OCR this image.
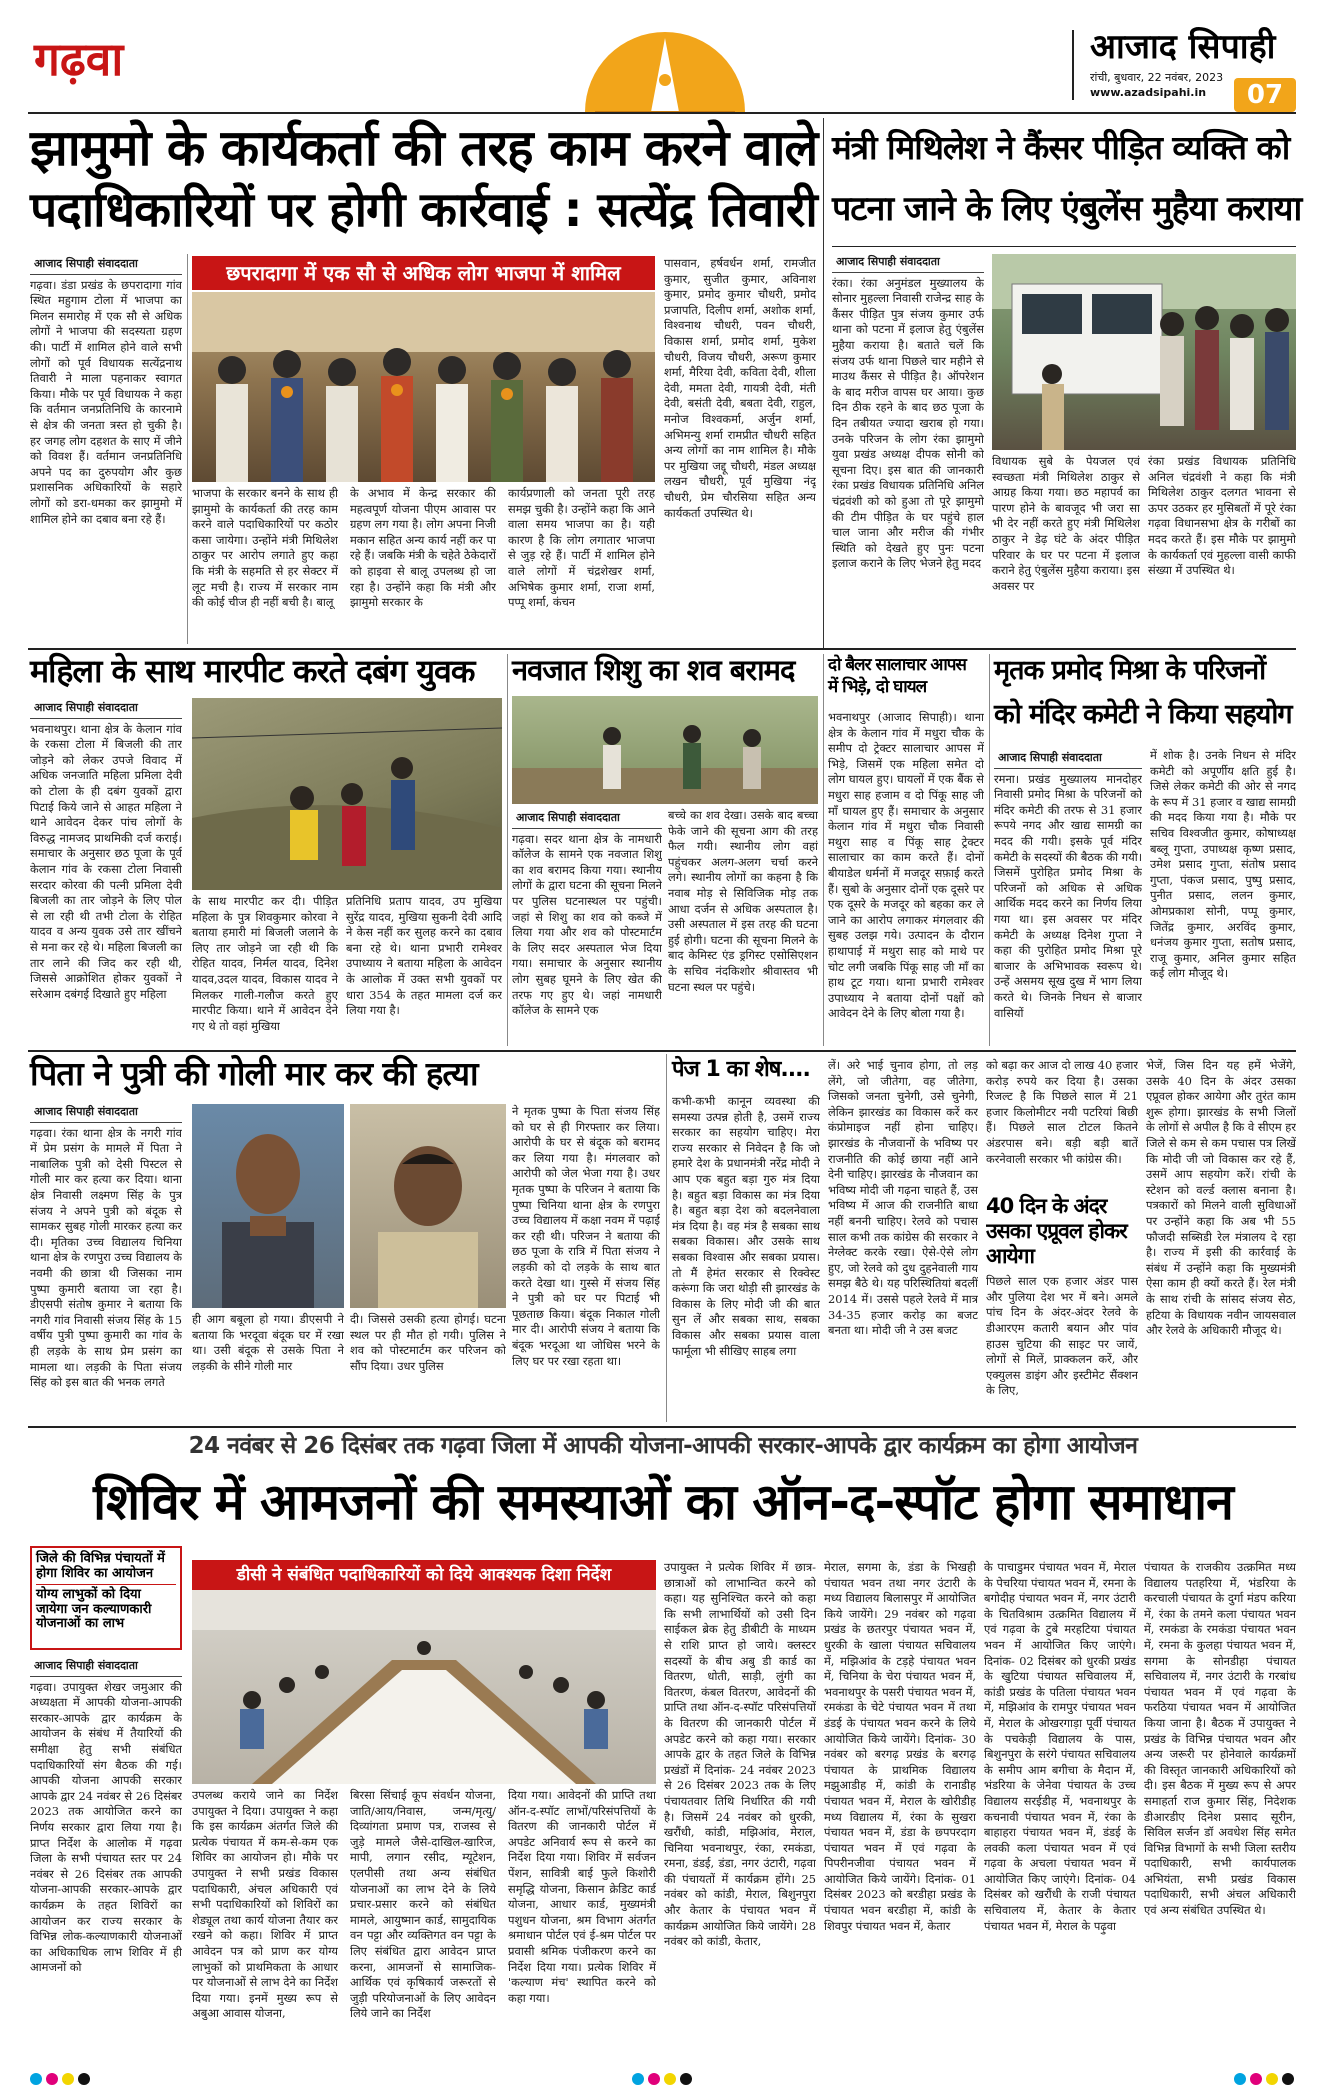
गढ़वा	आजाद सिपाही
रांची, बुधवार, 22 नवंबर, 2023
www.azadsipahi.in	07
झामुमो के कार्यकर्ता की तरह काम करने वाले
पदाधिकारियों पर होगी कार्रवाई : सत्येंद्र तिवारी
आजाद सिपाही संवाददाता
गढ़वा। डंडा प्रखंड के छपरादागा गांव स्थित महुगाम टोला में भाजपा का मिलन समारोह में एक सौ से अधिक लोगों ने भाजपा की सदस्यता ग्रहण की। पार्टी में शामिल होने वाले सभी लोगों को पूर्व विधायक सत्येंद्रनाथ तिवारी ने माला पहनाकर स्वागत किया। मौके पर पूर्व विधायक ने कहा कि वर्तमान जनप्रतिनिधि के कारनामे से क्षेत्र की जनता त्रस्त हो चुकी है। हर जगह लोग दहशत के साए में जीने को विवश हैं। वर्तमान जनप्रतिनिधि अपने पद का दुरुपयोग और कुछ प्रशासनिक अधिकारियों के सहारे लोगों को डरा-धमका कर झामुमो में शामिल होने का दबाव बना रहे हैं।
छपरादागा में एक सौ से अधिक लोग भाजपा में शामिल
भाजपा के सरकार बनने के साथ ही झामुमो के कार्यकर्ता की तरह काम करने वाले पदाधिकारियों पर कठोर कसा जायेगा। उन्होंने मंत्री मिथिलेश ठाकुर पर आरोप लगाते हुए कहा कि मंत्री के सहमति से हर सेक्टर में लूट मची है। राज्य में सरकार नाम की कोई चीज ही नहीं बची है। बालू
के अभाव में केन्द्र सरकार की महत्वपूर्ण योजना पीएम आवास पर ग्रहण लग गया है। लोग अपना निजी मकान सहित अन्य कार्य नहीं कर पा रहे हैं। जबकि मंत्री के चहेते ठेकेदारों को हाइवा से बालू उपलब्ध हो जा रहा है। उन्होंने कहा कि मंत्री और झामुमो सरकार के
कार्यप्रणाली को जनता पूरी तरह समझ चुकी है। उन्होंने कहा कि आने वाला समय भाजपा का है। यही कारण है कि लोग लगातार भाजपा से जुड़ रहे हैं। पार्टी में शामिल होने वाले लोगों में चंद्रशेखर शर्मा, अभिषेक कुमार शर्मा, राजा शर्मा, पप्पू शर्मा, कंचन
पासवान, हर्षवर्धन शर्मा, रामजीत कुमार, सुजीत कुमार, अविनाश कुमार, प्रमोद कुमार चौधरी, प्रमोद प्रजापति, दिलीप शर्मा, अशोक शर्मा, विश्वनाथ चौधरी, पवन चौधरी, विकास शर्मा, प्रमोद शर्मा, मुकेश चौधरी, विजय चौधरी, अरूण कुमार शर्मा, मैरिया देवी, कविता देवी, शीला देवी, ममता देवी, गायत्री देवी, मंती देवी, बसंती देवी, बबता देवी, राहुल, मनोज विश्वकर्मा, अर्जुन शर्मा, अभिमन्यु शर्मा रामप्रीत चौधरी सहित अन्य लोगों का नाम शामिल है। मौके पर मुखिया जद्दू चौधरी, मंडल अध्यक्ष लखन चौधरी, पूर्व मुखिया नंदू चौधरी, प्रेम चौरसिया सहित अन्य कार्यकर्ता उपस्थित थे।
मंत्री मिथिलेश ने कैंसर पीड़ित व्यक्ति को
पटना जाने के लिए एंबुलेंस मुहैया कराया
आजाद सिपाही संवाददाता
रंका। रंका अनुमंडल मुख्यालय के सोनार मुहल्ला निवासी राजेन्द्र साह के कैंसर पीड़ित पुत्र संजय कुमार उर्फ थाना को पटना में इलाज हेतु एंबुलेंस मुहैया कराया है। बताते चलें कि संजय उर्फ थाना पिछले चार महीने से माउथ कैंसर से पीड़ित है। ऑपरेशन के बाद मरीज वापस घर आया। कुछ दिन ठीक रहने के बाद छठ पूजा के दिन तबीयत ज्यादा खराब हो गया। उनके परिजन के लोग रंका झामुमो युवा प्रखंड अध्यक्ष दीपक सोनी को सूचना दिए। इस बात की जानकारी रंका प्रखंड विधायक प्रतिनिधि अनिल चंद्रवंशी को को हुआ तो पूरे झामुमो की टीम पीड़ित के घर पहुंचे हाल चाल जाना और मरीज की गंभीर स्थिति को देखते हुए पुनः पटना इलाज कराने के लिए भेजने हेतु मदद
विधायक सुबे के पेयजल एवं स्वच्छता मंत्री मिथिलेश ठाकुर से आग्रह किया गया। छठ महापर्व का पारण होने के बावजूद भी जरा सा भी देर नहीं करते हुए मंत्री मिथिलेश ठाकुर ने डेढ़ घंटे के अंदर पीड़ित परिवार के घर पर पटना में इलाज कराने हेतु एंबुलेंस मुहैया कराया। इस अवसर पर
रंका प्रखंड विधायक प्रतिनिधि अनिल चंद्रवंशी ने कहा कि मंत्री मिथिलेश ठाकुर दलगत भावना से ऊपर उठकर हर मुसिबतों में पूरे रंका गढ़वा विधानसभा क्षेत्र के गरीबों का मदद करते हैं। इस मौके पर झामुमो के कार्यकर्ता एवं मुहल्ला वासी काफी संख्या में उपस्थित थे।
महिला के साथ मारपीट करते दबंग युवक
आजाद सिपाही संवाददाता
भवनाथपुर। थाना क्षेत्र के केलान गांव के रकसा टोला में बिजली की तार जोड़ने को लेकर उपजे विवाद में अधिक जनजाति महिला प्रमिला देवी को टोला के ही दबंग युवकों द्वारा पिटाई किये जाने से आहत महिला ने थाने आवेदन देकर पांच लोगों के विरुद्ध नामजद प्राथमिकी दर्ज कराई। समाचार के अनुसार छठ पूजा के पूर्व केलान गांव के रकसा टोला निवासी सरदार कोरवा की पत्नी प्रमिला देवी बिजली का तार जोड़ने के लिए पोल से ला रही थी तभी टोला के रोहित यादव व अन्य युवक उसे तार खींचने से मना कर रहे थे। महिला बिजली का तार लाने की जिद कर रही थी, जिससे आक्रोशित होकर युवकों ने सरेआम दबंगई दिखाते हुए महिला
के साथ मारपीट कर दी। पीड़ित महिला के पुत्र शिवकुमार कोरवा ने बताया हमारी मां बिजली जलाने के लिए तार जोड़ने जा रही थी कि रोहित यादव, निर्मल यादव, दिनेश यादव,उदल यादव, विकास यादव ने मिलकर गाली-गलौज करते हुए मारपीट किया। थाने में आवेदन देने गए थे तो वहां मुखिया
प्रतिनिधि प्रताप यादव, उप मुखिया सुरेंद्र यादव, मुखिया सुकनी देवी आदि ने केस नहीं कर सुलह करने का दबाव बना रहे थे। थाना प्रभारी रामेश्वर उपाध्याय ने बताया महिला के आवेदन के आलोक में उक्त सभी युवकों पर धारा 354 के तहत मामला दर्ज कर लिया गया है।
नवजात शिशु का शव बरामद
आजाद सिपाही संवाददाता
गढ़वा। सदर थाना क्षेत्र के नामधारी कॉलेज के सामने एक नवजात शिशु का शव बरामद किया गया। स्थानीय लोगों के द्वारा घटना की सूचना मिलने पर पुलिस घटनास्थल पर पहुंची। जहां से शिशु का शव को कब्जे में लिया गया और शव को पोस्टमार्टम के लिए सदर अस्पताल भेज दिया गया। समाचार के अनुसार स्थानीय लोग सुबह घूमने के लिए खेत की तरफ गए हुए थे। जहां नामधारी कॉलेज के सामने एक
बच्चे का शव देखा। उसके बाद बच्चा फेके जाने की सूचना आग की तरह फैल गयी। स्थानीय लोग वहां पहुंचकर अलग-अलग चर्चा करने लगे। स्थानीय लोगों का कहना है कि नवाब मोड़ से सिविजिक मोड़ तक आधा दर्जन से अधिक अस्पताल है। उसी अस्पताल में इस तरह की घटना हुई होगी। घटना की सूचना मिलने के बाद केमिस्ट एंड ड्रगिस्ट एसोसिएशन के सचिव नंदकिशोर श्रीवास्तव भी घटना स्थल पर पहुंचे।
दो बैलर सालाचार आपस
में भिड़े, दो घायल
भवनाथपुर (आजाद सिपाही)। थाना क्षेत्र के केलान गांव में मधुरा चौक के समीप दो ट्रेक्टर सालाचार आपस में भिड़े, जिसमें एक महिला समेत दो लोग घायल हुए। घायलों में एक बैंक से मधुरा साह हजाम व दो पिंकू साह जी माँ घायल हुए हैं। समाचार के अनुसार केलान गांव में मधुरा चौक निवासी मथुरा साह व पिंकू साह ट्रेक्टर सालाचार का काम करते हैं। दोनों बीयाडेल धर्मनों में मजदूर सफ़ाई करते हैं। सुबो के अनुसार दोनों एक दूसरे पर एक दूसरे के मजदूर को बहका कर ले जाने का आरोप लगाकर मंगलवार की सुबह उलझ गये। उत्पादन के दौरान हाथापाई में मथुरा साह को माथे पर चोट लगी जबकि पिंकू साह जी माँ का हाथ टूट गया। थाना प्रभारी रामेश्वर उपाध्याय ने बताया दोनों पक्षों को आवेदन देने के लिए बोला गया है।
मृतक प्रमोद मिश्रा के परिजनों
को मंदिर कमेटी ने किया सहयोग
आजाद सिपाही संवाददाता
रमना। प्रखंड मुख्यालय मानदोहर निवासी प्रमोद मिश्रा के परिजनों को मंदिर कमेटी की तरफ से 31 हजार रूपये नगद और खाद्य सामग्री का मदद की गयी। इसके पूर्व मंदिर कमेटी के सदस्यों की बैठक की गयी। जिसमें पुरोहित प्रमोद मिश्रा के परिजनों को अधिक से अधिक आर्थिक मदद करने का निर्णय लिया गया था। इस अवसर पर मंदिर कमेटी के अध्यक्ष दिनेश गुप्ता ने कहा की पुरोहित प्रमोद मिश्रा पूरे बाजार के अभिभावक स्वरूप थे। उन्हें असमय सूख दुख में भाग लिया करते थे। जिनके निधन से बाजार वासियों
में शोक है। उनके निधन से मंदिर कमेटी को अपूर्णीय क्षति हुई है। जिसे लेकर कमेटी की ओर से नगद के रूप में 31 हजार व खाद्य सामग्री की मदद किया गया है। मौके पर सचिव विश्वजीत कुमार, कोषाध्यक्ष बब्लू गुप्ता, उपाध्यक्ष कृष्ण प्रसाद, उमेश प्रसाद गुप्ता, संतोष प्रसाद गुप्ता, पंकज प्रसाद, पुष्पु प्रसाद, पुनीत प्रसाद, ललन कुमार, ओमप्रकाश सोनी, पप्पू कुमार, जितेंद्र कुमार, अरविंद कुमार, धनंजय कुमार गुप्ता, सतोष प्रसाद, राजू कुमार, अनिल कुमार सहित कई लोग मौजूद थे।
पिता ने पुत्री की गोली मार कर की हत्या
आजाद सिपाही संवाददाता
गढ़वा। रंका थाना क्षेत्र के नगरी गांव में प्रेम प्रसंग के मामले में पिता ने नाबालिक पुत्री को देसी पिस्टल से गोली मार कर हत्या कर दिया। थाना क्षेत्र निवासी लक्ष्मण सिंह के पुत्र संजय ने अपने पुत्री को बंदूक से सामकर सुबह गोली मारकर हत्या कर दी। मृतिका उच्च विद्यालय चिनिया थाना क्षेत्र के रणपुरा उच्च विद्यालय के नवमी की छात्रा थी जिसका नाम पुष्पा कुमारी बताया जा रहा है। डीएसपी संतोष कुमार ने बताया कि नगरी गांव निवासी संजय सिंह के 15 वर्षीय पुत्री पुष्पा कुमारी का गांव के ही लड़के के साथ प्रेम प्रसंग का मामला था। लड़की के पिता संजय सिंह को इस बात की भनक लगते
ही आग बबूला हो गया। डीएसपी ने बताया कि भरदूवा बंदूक घर में रखा था। उसी बंदूक से उसके पिता ने लड़की के सीने गोली मार
दी। जिससे उसकी हत्या होगई। घटना स्थल पर ही मौत हो गयी। पुलिस ने शव को पोस्टमार्टम कर परिजन को सौंप दिया। उधर पुलिस
ने मृतक पुष्पा के पिता संजय सिंह को घर से ही गिरफ्तार कर लिया। आरोपी के घर से बंदूक को बरामद कर लिया गया है। मंगलवार को आरोपी को जेल भेजा गया है। उधर मृतक पुष्पा के परिजन ने बताया कि पुष्पा चिनिया थाना क्षेत्र के रणपुरा उच्च विद्यालय में कक्षा नवम में पढ़ाई कर रही थी। परिजन ने बताया की छठ पूजा के रात्रि में पिता संजय ने लड़की को दो लड़के के साथ बात करते देखा था। गुस्से में संजय सिंह ने पुत्री को घर पर पिटाई भी पूछताछ किया। बंदूक निकाल गोली मार दी। आरोपी संजय ने बताया कि बंदूक भरदूआ था जोधिस भरने के लिए घर पर रखा रहता था।
पेज 1 का शेष....
कभी-कभी कानून व्यवस्था की समस्या उत्पन्न होती है, उसमें राज्य सरकार का सहयोग चाहिए। मेरा राज्य सरकार से निवेदन है कि जो हमारे देश के प्रधानमंत्री नरेंद्र मोदी ने आप एक बहुत बड़ा गुरु मंत्र दिया है। बहुत बड़ा विकास का मंत्र दिया है। बहुत बड़ा देश को बदलनेवाला मंत्र दिया है। वह मंत्र है सबका साथ सबका विकास। और उसके साथ सबका विश्वास और सबका प्रयास। तो मैं हेमंत सरकार से रिक्वेस्ट करूंगा कि जरा थोड़ी सी झारखंड के विकास के लिए मोदी जी की बात सुन लें और सबका साथ, सबका विकास और सबका प्रयास वाला फार्मूला भी सीखिए साहब लगा
लें। अरे भाई चुनाव होगा, तो लड़ लेंगे, जो जीतेगा, वह जीतेगा, जिसको जनता चुनेगी, उसे चुनेगी, लेकिन झारखंड का विकास करें कर कंप्रोमाइज नहीं होना चाहिए। झारखंड के नौजवानों के भविष्य पर राजनीति की कोई छाया नहीं आने देनी चाहिए। झारखंड के नौजवान का भविष्य मोदी जी गढ़ना चाहते हैं, उस भविष्य में आज की राजनीति बाधा नहीं बननी चाहिए। रेलवे को पचास साल कभी तक कांग्रेस की सरकार ने नेग्लेक्ट करके रखा। ऐसे-ऐसे लोग हुए, जो रेलवे को दुध दुहनेवाली गाय समझ बैठे थे। यह परिस्थितियां बदलीं 2014 में। उससे पहले रेलवे में मात्र 34-35 हजार करोड़ का बजट बनता था। मोदी जी ने उस बजट
को बढ़ा कर आज दो लाख 40 हजार करोड़ रुपये कर दिया है। उसका रिजल्ट है कि पिछले साल में 21 हजार किलोमीटर नयी पटरियां बिछी हैं। पिछले साल टोटल कितने अंडरपास बने। बड़ी बड़ी बातें करनेवाली सरकार भी कांग्रेस की।
40 दिन के अंदर उसका एप्रूवल होकर आयेगा
पिछले साल एक हजार अंडर पास और पुलिया देश भर में बने। अमले पांच दिन के अंदर-अंदर रेलवे के डीआरएम कतारी बयान और पांव हाउस चुटिया की साइट पर जायें, लोगों से मिलें, प्राक्कलन करें, और एक्युलस डाइंग और इस्टीमेट सैंक्शन के लिए,
भेजें, जिस दिन यह हमें भेजेंगे, उसके 40 दिन के अंदर उसका एप्रूवल होकर आयेगा और तुरंत काम शुरू होगा। झारखंड के सभी जिलों के लोगों से अपील है कि वे सीएम हर जिले से कम से कम पचास पत्र लिखें कि मोदी जी जो विकास कर रहे हैं, उसमें आप सहयोग करें। रांची के स्टेशन को वर्ल्ड क्लास बनाना है। पत्रकारों को मिलने वाली सुविधाओं पर उन्होंने कहा कि अब भी 55 फौजदी सब्सिडी रेल मंत्रालय दे रहा है। राज्य में इसी की कार्रवाई के संबंध में उन्होंने कहा कि मुख्यमंत्री ऐसा काम ही क्यों करते हैं। रेल मंत्री के साथ रांची के सांसद संजय सेठ, हटिया के विधायक नवीन जायसवाल और रेलवे के अधिकारी मौजूद थे।
24 नवंबर से 26 दिसंबर तक गढ़वा जिला में आपकी योजना-आपकी सरकार-आपके द्वार कार्यक्रम का होगा आयोजन
शिविर में आमजनों की समस्याओं का ऑन-द-स्पॉट होगा समाधान
जिले की विभिन्न पंचायतों में होगा शिविर का आयोजन
योग्य लाभुकों को दिया जायेगा जन कल्याणकारी योजनाओं का लाभ
आजाद सिपाही संवाददाता
गढ़वा। उपायुक्त शेखर जमुआर की अध्यक्षता में आपकी योजना-आपकी सरकार-आपके द्वार कार्यक्रम के आयोजन के संबंध में तैयारियों की समीक्षा हेतु सभी संबंधित पदाधिकारियों संग बैठक की गई। आपकी योजना आपकी सरकार आपके द्वार 24 नवंबर से 26 दिसंबर 2023 तक आयोजित करने का निर्णय सरकार द्वारा लिया गया है। प्राप्त निर्देश के आलोक में गढ़वा जिला के सभी पंचायत स्तर पर 24 नवंबर से 26 दिसंबर तक आपकी योजना-आपकी सरकार-आपके द्वार कार्यक्रम के तहत शिविरों का आयोजन कर राज्य सरकार के विभिन्न लोक-कल्याणकारी योजनाओं का अधिकाधिक लाभ शिविर में ही आमजनों को
डीसी ने संबंधित पदाधिकारियों को दिये आवश्यक दिशा निर्देश
उपलब्ध कराये जाने का निर्देश उपायुक्त ने दिया। उपायुक्त ने कहा कि इस कार्यक्रम अंतर्गत जिले की प्रत्येक पंचायत में कम-से-कम एक शिविर का आयोजन हो। मौके पर उपायुक्त ने सभी प्रखंड विकास पदाधिकारी, अंचल अधिकारी एवं सभी पदाधिकारियों को शिविरों का शेड्यूल तथा कार्य योजना तैयार कर रखने को कहा। शिविर में प्राप्त आवेदन पत्र को प्राण कर योग्य लाभुकों को प्राथमिकता के आधार पर योजनाओं से लाभ देने का निर्देश दिया गया। इनमें मुख्य रूप से अबुआ आवास योजना,
बिरसा सिंचाई कूप संवर्धन योजना, जाति/आय/निवास, जन्म/मृत्यु/दिव्यांगता प्रमाण पत्र, राजस्व से जुड़े मामले जैसे-दाखिल-खारिज, मापी, लगान रसीद, म्यूटेशन, एलपीसी तथा अन्य संबंधित योजनाओं का लाभ देने के लिये प्रचार-प्रसार करने को संबंधित मामले, आयुष्मान कार्ड, सामुदायिक वन पट्टा और व्यक्तिगत वन पट्टा के लिए संबंधित द्वारा आवेदन प्राप्त करना, आमजनों से सामाजिक-आर्थिक एवं कृषिकार्य जरूरतों से जुड़ी परियोजनाओं के लिए आवेदन लिये जाने का निर्देश
दिया गया। आवेदनों की प्राप्ति तथा ऑन-द-स्पॉट लाभों/परिसंपत्तियों के वितरण की जानकारी पोर्टल में अपडेट अनिवार्य रूप से करने का निर्देश दिया गया। शिविर में सर्वजन पेंशन, सावित्री बाई फुले किशोरी समृद्धि योजना, किसान क्रेडिट कार्ड योजना, आधार कार्ड, मुख्यमंत्री पशुधन योजना, श्रम विभाग अंतर्गत श्रमाधान पोर्टल एवं ई-श्रम पोर्टल पर प्रवासी श्रमिक पंजीकरण करने का निर्देश दिया गया। प्रत्येक शिविर में 'कल्याण मंच' स्थापित करने को कहा गया।
उपायुक्त ने प्रत्येक शिविर में छात्र-छात्राओं को लाभान्वित करने को कहा। यह सुनिश्चित करने को कहा कि सभी लाभार्थियों को उसी दिन साईकल ब्रेक हेतु डीबीटी के माध्यम से राशि प्राप्त हो जाये। क्लस्टर सदस्यों के बीच अबु डी कार्ड का वितरण, धोती, साड़ी, लुंगी का वितरण, कंबल वितरण, आवेदनों की प्राप्ति तथा ऑन-द-स्पॉट परिसंपत्तियों के वितरण की जानकारी पोर्टल में अपडेट करने को कहा गया। सरकार आपके द्वार के तहत जिले के विभिन्न प्रखंडों में दिनांक- 24 नवंबर 2023 से 26 दिसंबर 2023 तक के लिए पंचायतवार तिथि निर्धारित की गयी है। जिसमें 24 नवंबर को धुरकी, खरौंधी, कांडी, मझिआंव, मेराल, चिनिया भवनाथपुर, रंका, रमकंडा, रमना, डंडई, डंडा, नगर उंटारी, गढ़वा की पंचायतों में कार्यक्रम होंगे। 25 नवंबर को कांडी, मेराल, बिशुनपुरा और केतार के पंचायत भवन में कार्यक्रम आयोजित किये जायेंगे। 28 नवंबर को कांडी, केतार,
मेराल, सगमा के, डंडा के भिखही पंचायत भवन तथा नगर उंटारी के मध्य विद्यालय बिलासपुर में आयोजित किये जायेंगे। 29 नवंबर को गढ़वा प्रखंड के छतरपुर पंचायत भवन में, धुरकी के खाला पंचायत सचिवालय में, मझिआंव के टड़हे पंचायत भवन में, चिनिया के चेरा पंचायत भवन में, भवनाथपुर के पसरी पंचायत भवन में, रमकंडा के चेटे पंचायत भवन में तथा डंडई के पंचायत भवन करने के लिये आयोजित किये जायेंगे। दिनांक- 30 नवंबर को बरगढ़ प्रखंड के बरगढ़ पंचायत के प्राथमिक विद्यालय मझुआडीह में, कांडी के रानाडीह पंचायत भवन में, मेराल के खोरीडीह मध्य विद्यालय में, रंका के सुखरा पंचायत भवन में, डंडा के छ्पपरदाग पंचायत भवन में एवं गढ़वा के पिपरीनजीवा पंचायत भवन में आयोजित किये जायेंगे। दिनांक- 01 दिसंबर 2023 को बरडीहा प्रखंड के पंचायत भवन बरडीहा में, कांडी के शिवपुर पंचायत भवन में, केतार
के पाचाडुमर पंचायत भवन में, मेराल के पेचरिया पंचायत भवन में, रमना के बगोदीह पंचायत भवन में, नगर उंटारी के चितविश्राम उत्क्रमित विद्यालय में एवं गढ़वा के टुबे मरहटिया पंचायत भवन में आयोजित किए जाएंगे। दिनांक- 02 दिसंबर को धुरकी प्रखंड के खुटिया पंचायत सचिवालय में, कांडी प्रखंड के पतिला पंचायत भवन में, मझिआंव के रामपुर पंचायत भवन में, मेराल के ओखरगाड़ा पूर्वी पंचायत के पचकेड़ी विद्यालय के पास, बिशुनपुरा के सरंगे पंचायत सचिवालय के समीप आम बगीचा के मैदान में, भंडरिया के जेनेवा पंचायत के उच्च विद्यालय सरईडीह में, भवनाथपुर के कचनावी पंचायत भवन में, रंका के बाहाहरा पंचायत भवन में, डंडई के लवकी कला पंचायत भवन में एवं गढ़वा के अचला पंचायत भवन में आयोजित किए जाएंगे। दिनांक- 04 दिसंबर को खरौंधी के राजी पंचायत सचिवालय में, केतार के केतार पंचायत भवन में, मेराल के पढ़ुवा
पंचायत के राजकीय उत्क्रमित मध्य विद्यालय पतहरिया में, भंडरिया के करचाली पंचायत के दुर्गा मंडप करिया में, रंका के तमने कला पंचायत भवन में, रमकंडा के रमकंडा पंचायत भवन में, रमना के कुलहा पंचायत भवन में, सगमा के सोनडीहा पंचायत सचिवालय में, नगर उंटारी के गरबांध पंचायत भवन में एवं गढ़वा के फरठिया पंचायत भवन में आयोजित किया जाना है। बैठक में उपायुक्त ने प्रखंड के विभिन्न पंचायत भवन और अन्य जरूरी पर होनेवाले कार्यक्रमों की विस्तृत जानकारी अधिकारियों को दी। इस बैठक में मुख्य रूप से अपर समाहर्ता राज कुमार सिंह, निदेशक डीआरडीए दिनेश प्रसाद सूरीन, सिविल सर्जन डॉ अवधेश सिंह समेत विभिन्न विभागों के सभी जिला स्तरीय पदाधिकारी, सभी कार्यपालक अभियंता, सभी प्रखंड विकास पदाधिकारी, सभी अंचल अधिकारी एवं अन्य संबंधित उपस्थित थे।
